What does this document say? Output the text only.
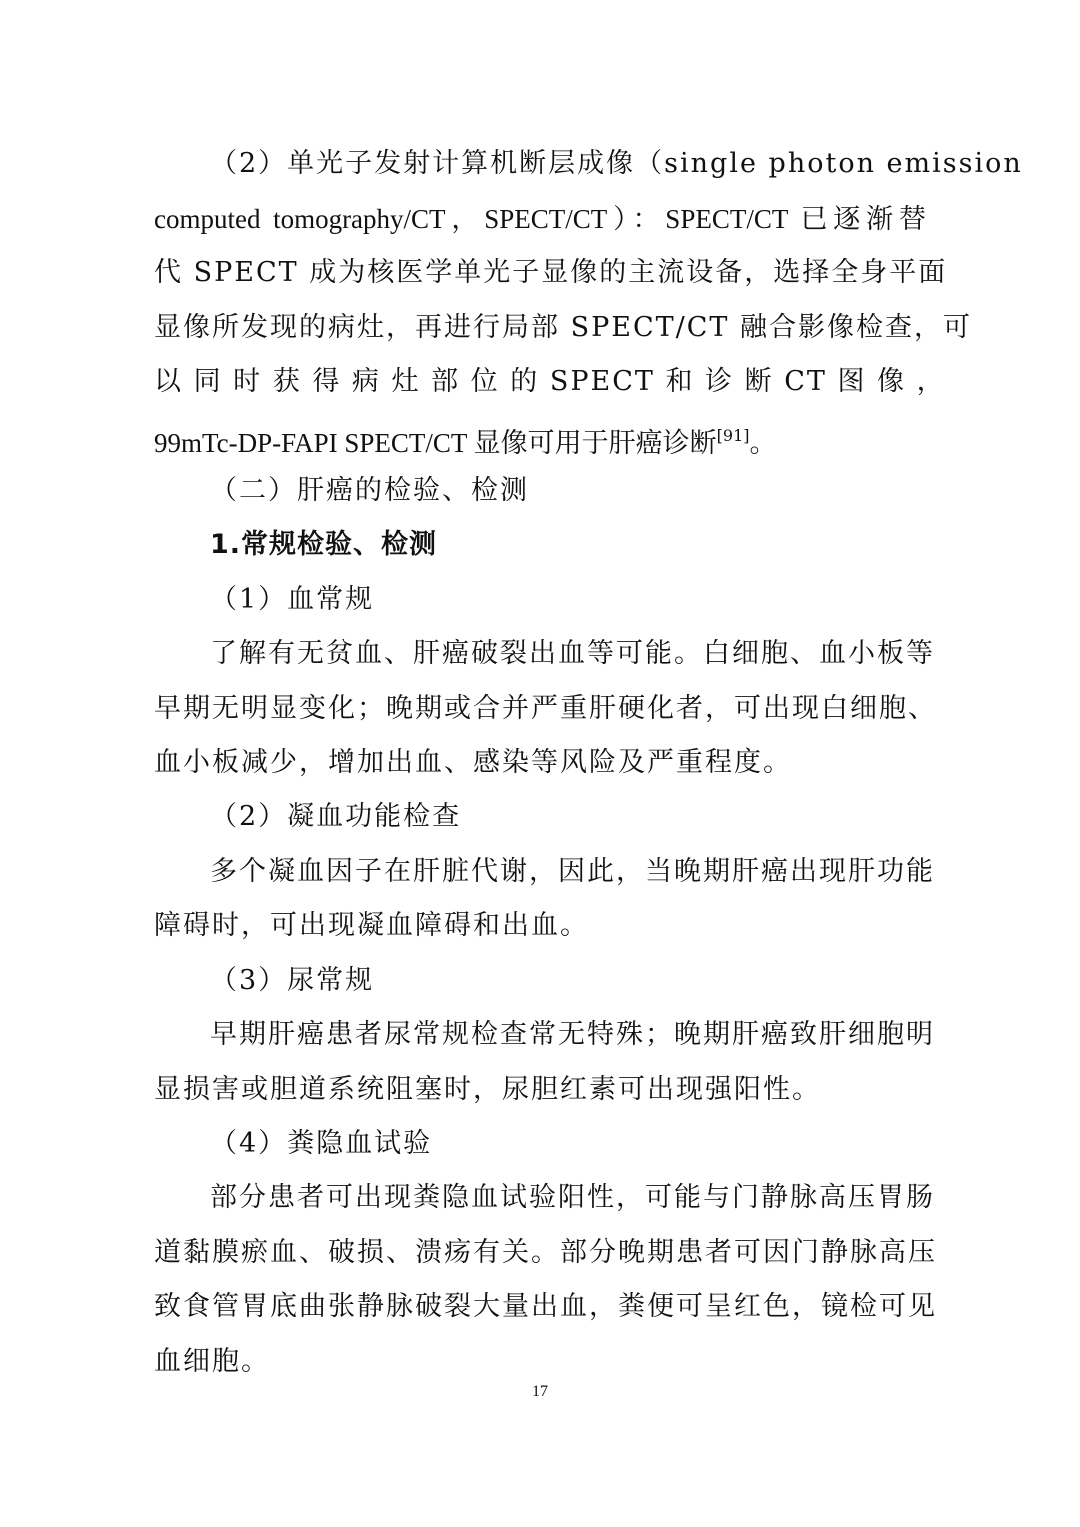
（2）单光子发射计算机断层成像（single photon emission
computed tomography/CT，SPECT/CT）：SPECT/CT 已逐渐替
代 SPECT 成为核医学单光子显像的主流设备，选择全身平面
显像所发现的病灶，再进行局部 SPECT/CT 融合影像检查，可
以 同 时 获 得 病 灶 部 位 的 SPECT 和 诊 断 CT 图 像 ，
99mTc-DP-FAPI SPECT/CT 显像可用于肝癌诊断[91]。
（二）肝癌的检验、检测
1.常规检验、检测
（1）血常规
了解有无贫血、肝癌破裂出血等可能。白细胞、血小板等
早期无明显变化；晚期或合并严重肝硬化者，可出现白细胞、
血小板减少，增加出血、感染等风险及严重程度。
（2）凝血功能检查
多个凝血因子在肝脏代谢，因此，当晚期肝癌出现肝功能
障碍时，可出现凝血障碍和出血。
（3）尿常规
早期肝癌患者尿常规检查常无特殊；晚期肝癌致肝细胞明
显损害或胆道系统阻塞时，尿胆红素可出现强阳性。
（4）粪隐血试验
部分患者可出现粪隐血试验阳性，可能与门静脉高压胃肠
道黏膜瘀血、破损、溃疡有关。部分晚期患者可因门静脉高压
致食管胃底曲张静脉破裂大量出血，粪便可呈红色，镜检可见
血细胞。
17
